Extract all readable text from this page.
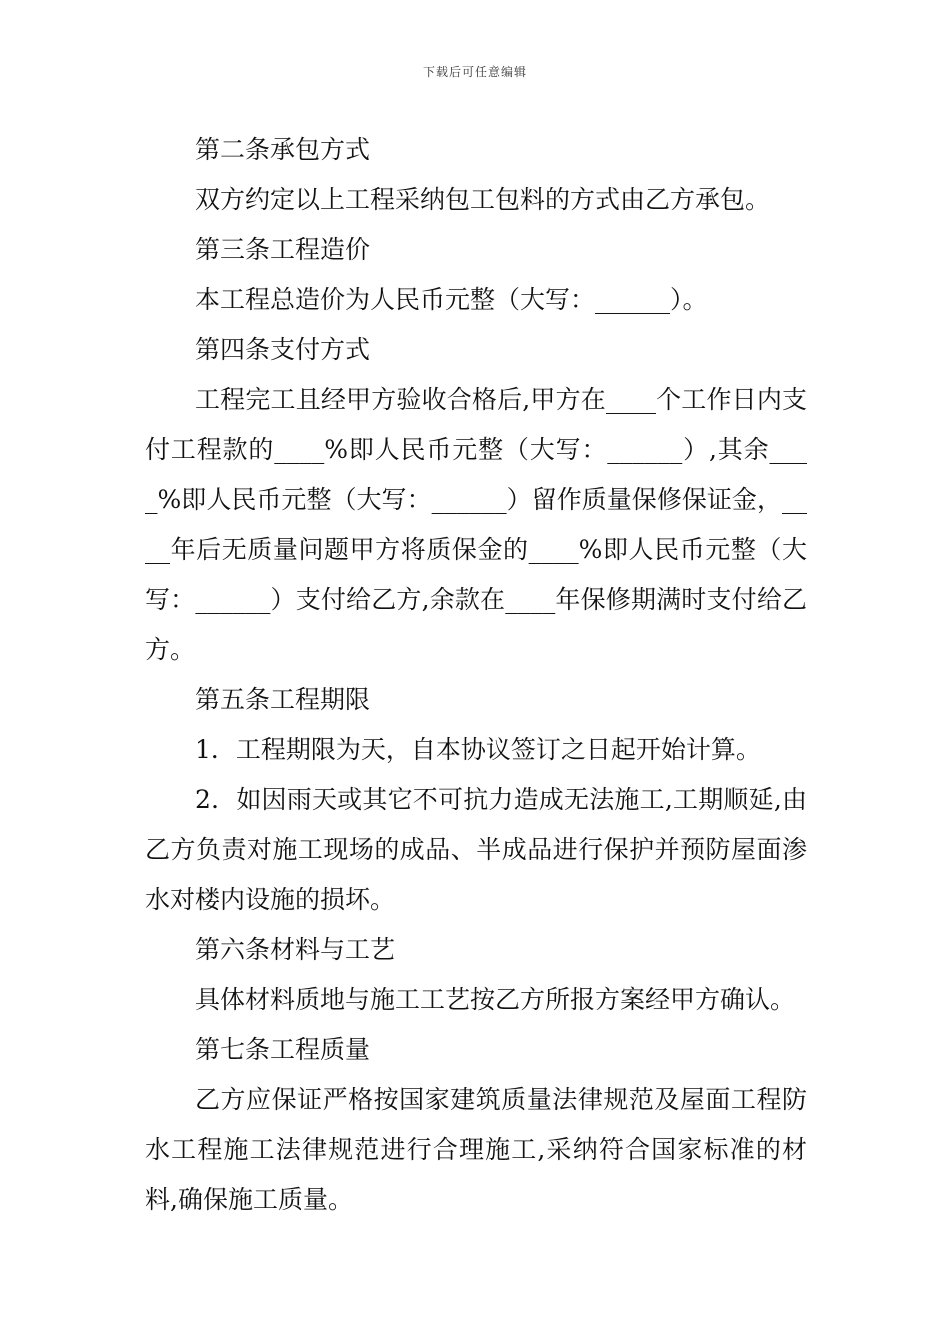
下载后可任意编辑

第二条承包方式

双方约定以上工程采纳包工包料的方式由乙方承包。

第三条工程造价

本工程总造价为人民币元整（大写：______）。

第四条支付方式

工程完工且经甲方验收合格后,甲方在____个工作日内支付工程款的____%即人民币元整（大写：______）,其余____%即人民币元整（大写：______）留作质量保修保证金，____年后无质量问题甲方将质保金的____%即人民币元整（大写：______）支付给乙方,余款在____年保修期满时支付给乙方。

第五条工程期限

1．工程期限为天，自本协议签订之日起开始计算。

2．如因雨天或其它不可抗力造成无法施工,工期顺延,由乙方负责对施工现场的成品、半成品进行保护并预防屋面渗水对楼内设施的损坏。

第六条材料与工艺

具体材料质地与施工工艺按乙方所报方案经甲方确认。

第七条工程质量

乙方应保证严格按国家建筑质量法律规范及屋面工程防水工程施工法律规范进行合理施工,采纳符合国家标准的材料,确保施工质量。
